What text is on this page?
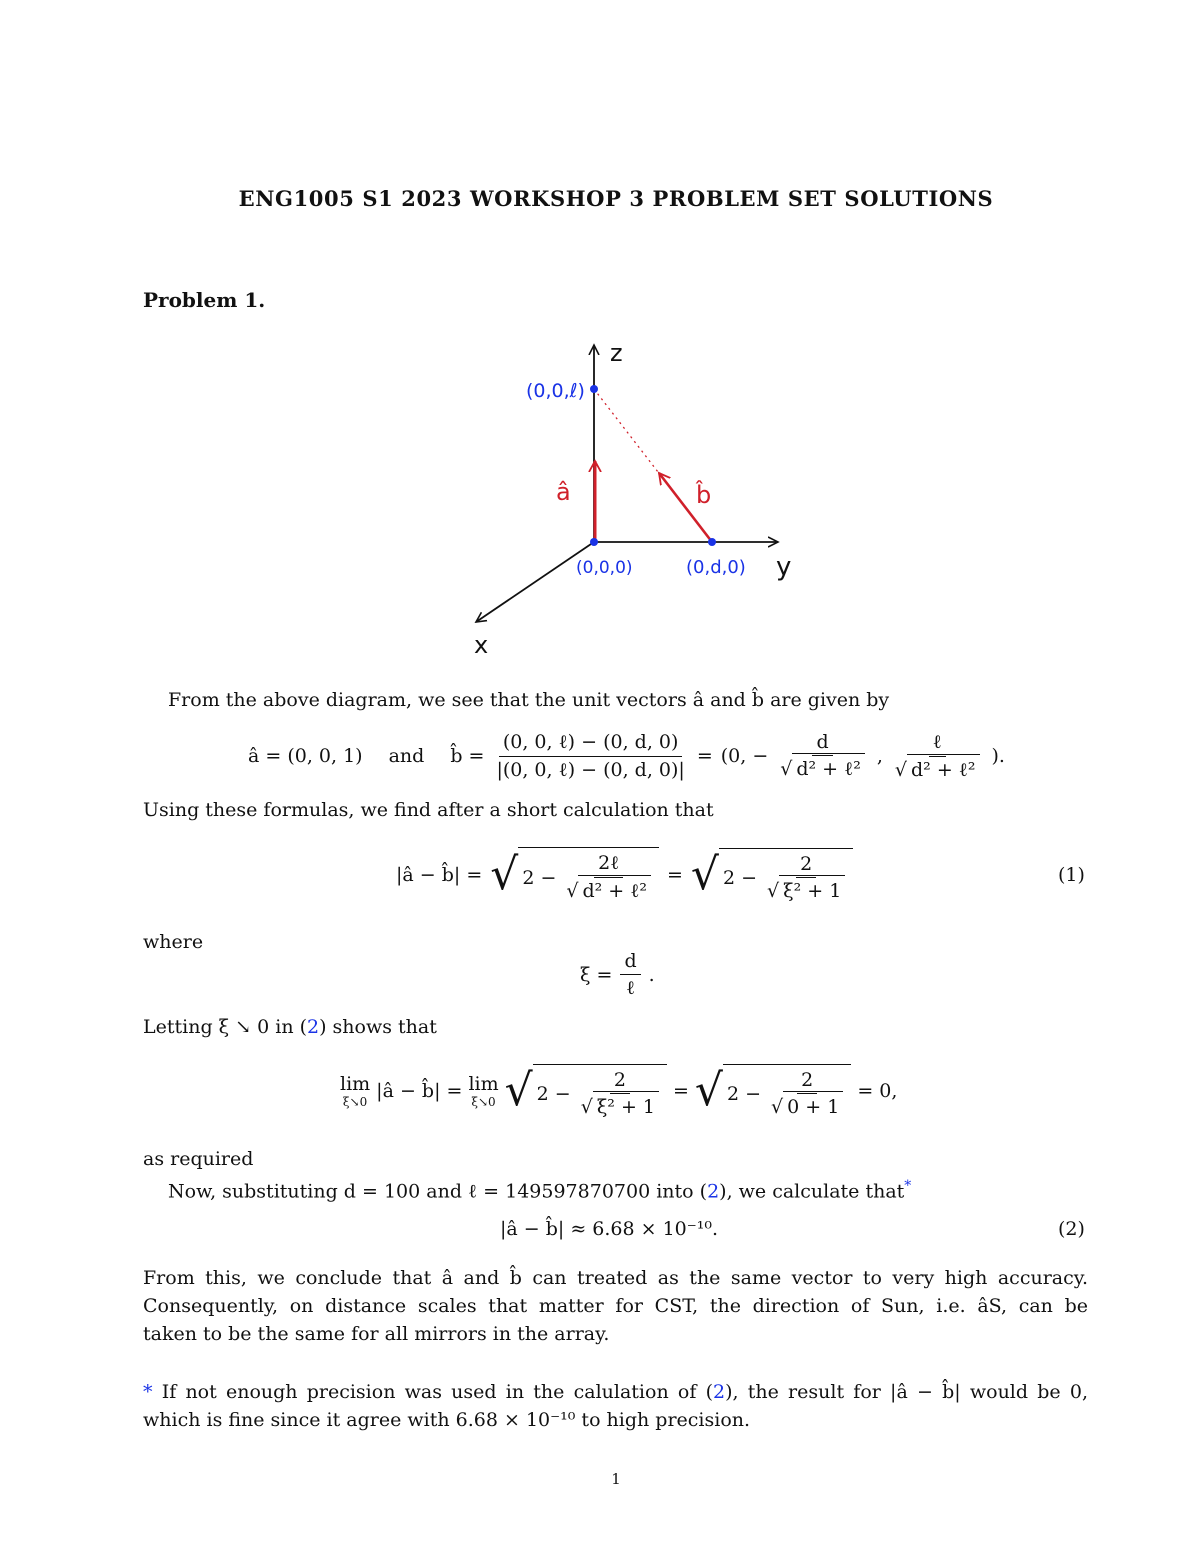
ENG1005 S1 2023 WORKSHOP 3 PROBLEM SET SOLUTIONS
Problem 1.
z
y
x
(0,0,ℓ)
(0,0,0)	(0,d,0)
â	b̂
From the above diagram, we see that the unit vectors â and b̂ are given by
â = (0, 0, 1) and b̂ = $\frac{\text{(0, 0, ℓ) − (0, d, 0)}}{\text{|(0, 0, ℓ) − (0, d, 0)|}} = (0$, − $\frac{d}{\text{√ d² + ℓ²}}$ , $\frac{\text{ℓ}}{\text{√ d² + ℓ²}}$ ).
Using these formulas, we find after a short calculation that
|â − b̂| = √ $2 - \frac{\text{2ℓ}}{\text{√ d² + ℓ²}}$ = √ $2 - \frac{2}{\text{√ ξ² + 1}}$	(1)
where
$\xi = \frac{d}{\text{ℓ}}$ .
Letting ξ ↘ 0 in (2) shows that
lim
ξ↘0 |â − b̂| = lim
ξ↘0 √ $2 - \frac{2}{\text{√ ξ² + 1}}$ = √ $2 - \frac{2}{√ 0 + 1} = 0$,
as required
Now, substituting d = 100 and ℓ = 149597870700 into (2), we calculate that*
|â − b̂| ≈ 6.68 × 10⁻¹⁰.	(2)
From this, we conclude that â and b̂ can treated as the same vector to very high accuracy.
Consequently, on distance scales that matter for CST, the direction of Sun, i.e. âS, can be
taken to be the same for all mirrors in the array.
* If not enough precision was used in the calulation of (2), the result for |â − b̂| would be 0,
which is fine since it agree with 6.68 × 10⁻¹⁰ to high precision.
1
